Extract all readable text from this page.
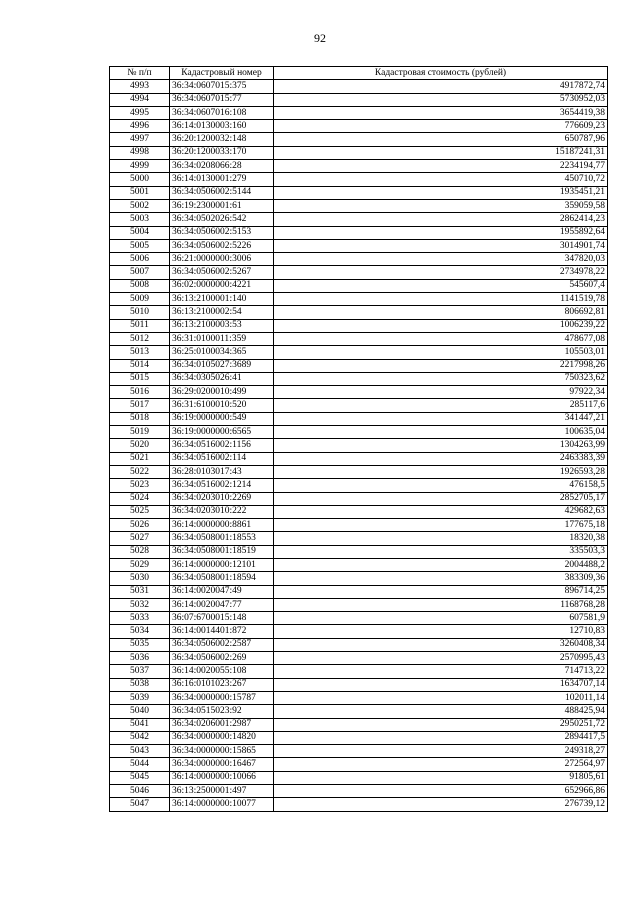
92
№ п/п	Кадастровый номер	Кадастровая стоимость (рублей)
4993	36:34:0607015:375	4917872,74
4994	36:34:0607015:77	5730952,03
4995	36:34:0607016:108	3654419,38
4996	36:14:0130003:160	776609,23
4997	36:20:1200032:148	650787,96
4998	36:20:1200033:170	15187241,31
4999	36:34:0208066:28	2234194,77
5000	36:14:0130001:279	450710,72
5001	36:34:0506002:5144	1935451,21
5002	36:19:2300001:61	359059,58
5003	36:34:0502026:542	2862414,23
5004	36:34:0506002:5153	1955892,64
5005	36:34:0506002:5226	3014901,74
5006	36:21:0000000:3006	347820,03
5007	36:34:0506002:5267	2734978,22
5008	36:02:0000000:4221	545607,4
5009	36:13:2100001:140	1141519,78
5010	36:13:2100002:54	806692,81
5011	36:13:2100003:53	1006239,22
5012	36:31:0100011:359	478677,08
5013	36:25:0100034:365	105503,01
5014	36:34:0105027:3689	2217998,26
5015	36:34:0305026:41	750323,62
5016	36:29:0200010:499	97922,34
5017	36:31:6100010:520	285117,6
5018	36:19:0000000:549	341447,21
5019	36:19:0000000:6565	100635,04
5020	36:34:0516002:1156	1304263,99
5021	36:34:0516002:114	2463383,39
5022	36:28:0103017:43	1926593,28
5023	36:34:0516002:1214	476158,5
5024	36:34:0203010:2269	2852705,17
5025	36:34:0203010:222	429682,63
5026	36:14:0000000:8861	177675,18
5027	36:34:0508001:18553	18320,38
5028	36:34:0508001:18519	335503,3
5029	36:14:0000000:12101	2004488,2
5030	36:34:0508001:18594	383309,36
5031	36:14:0020047:49	896714,25
5032	36:14:0020047:77	1168768,28
5033	36:07:6700015:148	607581,9
5034	36:14:0014401:872	12710,83
5035	36:34:0506002:2587	3260408,34
5036	36:34:0506002:269	2570995,43
5037	36:14:0020055:108	714713,22
5038	36:16:0101023:267	1634707,14
5039	36:34:0000000:15787	102011,14
5040	36:34:0515023:92	488425,94
5041	36:34:0206001:2987	2950251,72
5042	36:34:0000000:14820	2894417,5
5043	36:34:0000000:15865	249318,27
5044	36:34:0000000:16467	272564,97
5045	36:14:0000000:10066	91805,61
5046	36:13:2500001:497	652966,86
5047	36:14:0000000:10077	276739,12
